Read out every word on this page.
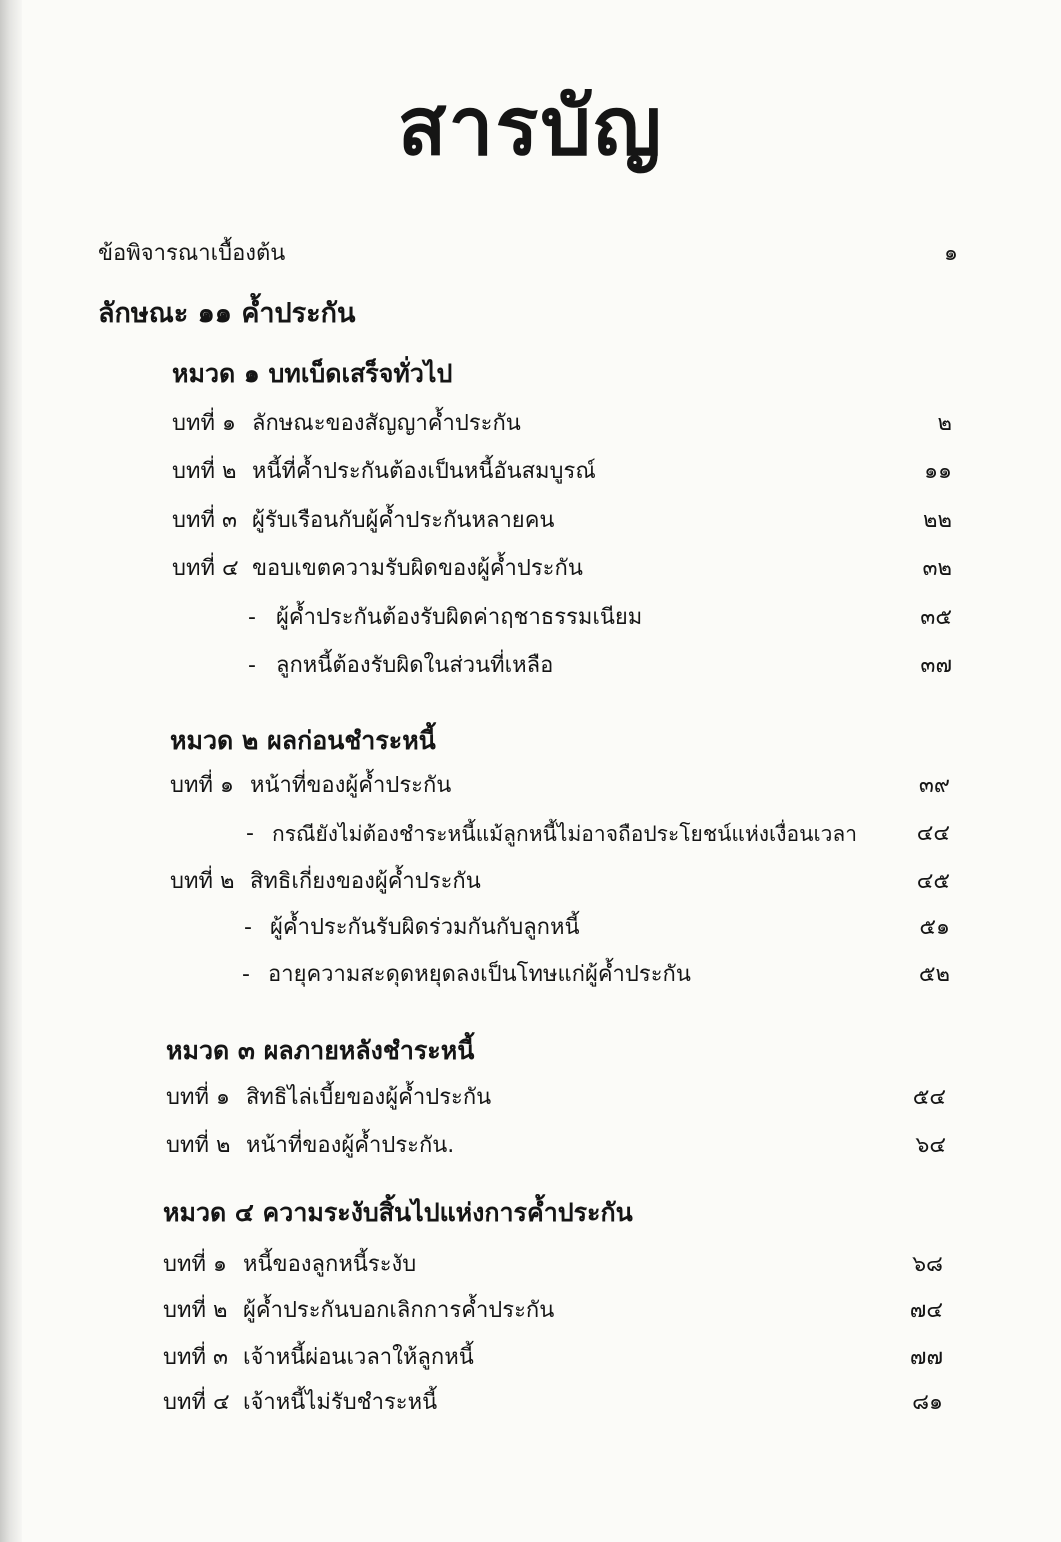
สารบัญ
ข้อพิจารณาเบื้องต้น	๑
ลักษณะ ๑๑ ค้ำประกัน
หมวด ๑ บทเบ็ดเสร็จทั่วไป
บทที่ ๑ ลักษณะของสัญญาค้ำประกัน	๒
บทที่ ๒ หนี้ที่ค้ำประกันต้องเป็นหนี้อันสมบูรณ์	๑๑
บทที่ ๓ ผู้รับเรือนกับผู้ค้ำประกันหลายคน	๒๒
บทที่ ๔ ขอบเขตความรับผิดของผู้ค้ำประกัน	๓๒
- ผู้ค้ำประกันต้องรับผิดค่าฤชาธรรมเนียม	๓๕
- ลูกหนี้ต้องรับผิดในส่วนที่เหลือ	๓๗
หมวด ๒ ผลก่อนชำระหนี้
บทที่ ๑ หน้าที่ของผู้ค้ำประกัน	๓๙
- กรณียังไม่ต้องชำระหนี้แม้ลูกหนี้ไม่อาจถือประโยชน์แห่งเงื่อนเวลา	๔๔
บทที่ ๒ สิทธิเกี่ยงของผู้ค้ำประกัน	๔๕
- ผู้ค้ำประกันรับผิดร่วมกันกับลูกหนี้	๕๑
- อายุความสะดุดหยุดลงเป็นโทษแก่ผู้ค้ำประกัน	๕๒
หมวด ๓ ผลภายหลังชำระหนี้
บทที่ ๑ สิทธิไล่เบี้ยของผู้ค้ำประกัน	๕๔
บทที่ ๒ หน้าที่ของผู้ค้ำประกัน.	๖๔
หมวด ๔ ความระงับสิ้นไปแห่งการค้ำประกัน
บทที่ ๑ หนี้ของลูกหนี้ระงับ	๖๘
บทที่ ๒ ผู้ค้ำประกันบอกเลิกการค้ำประกัน	๗๔
บทที่ ๓ เจ้าหนี้ผ่อนเวลาให้ลูกหนี้	๗๗
บทที่ ๔ เจ้าหนี้ไม่รับชำระหนี้	๘๑
